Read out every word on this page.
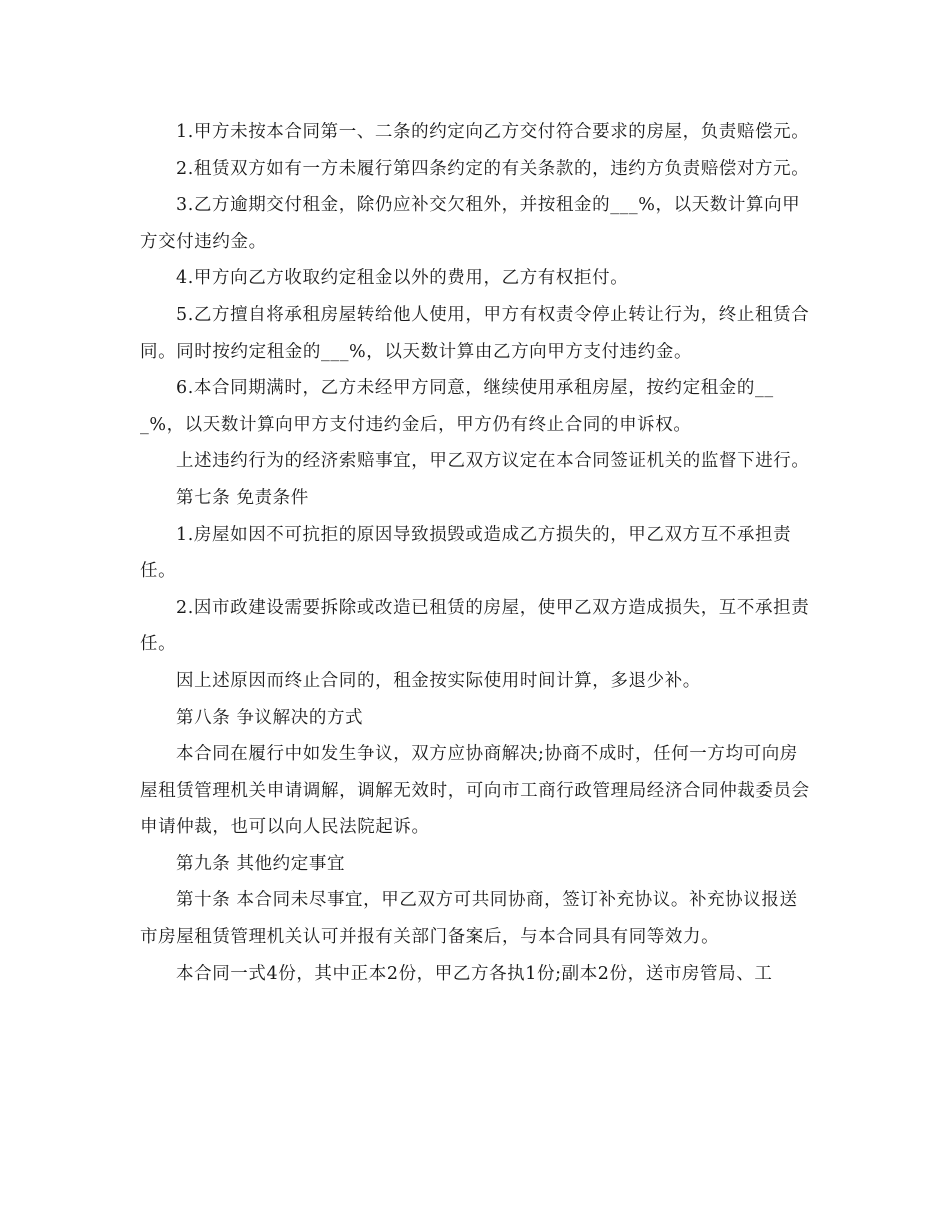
1.甲方未按本合同第一、二条的约定向乙方交付符合要求的房屋，负责赔偿元。

2.租赁双方如有一方未履行第四条约定的有关条款的，违约方负责赔偿对方元。

3.乙方逾期交付租金，除仍应补交欠租外，并按租金的___%，以天数计算向甲方交付违约金。

4.甲方向乙方收取约定租金以外的费用，乙方有权拒付。

5.乙方擅自将承租房屋转给他人使用，甲方有权责令停止转让行为，终止租赁合同。同时按约定租金的___%，以天数计算由乙方向甲方支付违约金。

6.本合同期满时，乙方未经甲方同意，继续使用承租房屋，按约定租金的___%，以天数计算向甲方支付违约金后，甲方仍有终止合同的申诉权。

上述违约行为的经济索赔事宜，甲乙双方议定在本合同签证机关的监督下进行。

第七条 免责条件

1.房屋如因不可抗拒的原因导致损毁或造成乙方损失的，甲乙双方互不承担责任。

2.因市政建设需要拆除或改造已租赁的房屋，使甲乙双方造成损失，互不承担责任。

因上述原因而终止合同的，租金按实际使用时间计算，多退少补。

第八条 争议解决的方式

本合同在履行中如发生争议，双方应协商解决;协商不成时，任何一方均可向房屋租赁管理机关申请调解，调解无效时，可向市工商行政管理局经济合同仲裁委员会申请仲裁，也可以向人民法院起诉。

第九条 其他约定事宜

第十条 本合同未尽事宜，甲乙双方可共同协商，签订补充协议。补充协议报送市房屋租赁管理机关认可并报有关部门备案后，与本合同具有同等效力。

本合同一式4份，其中正本2份，甲乙方各执1份;副本2份，送市房管局、工
